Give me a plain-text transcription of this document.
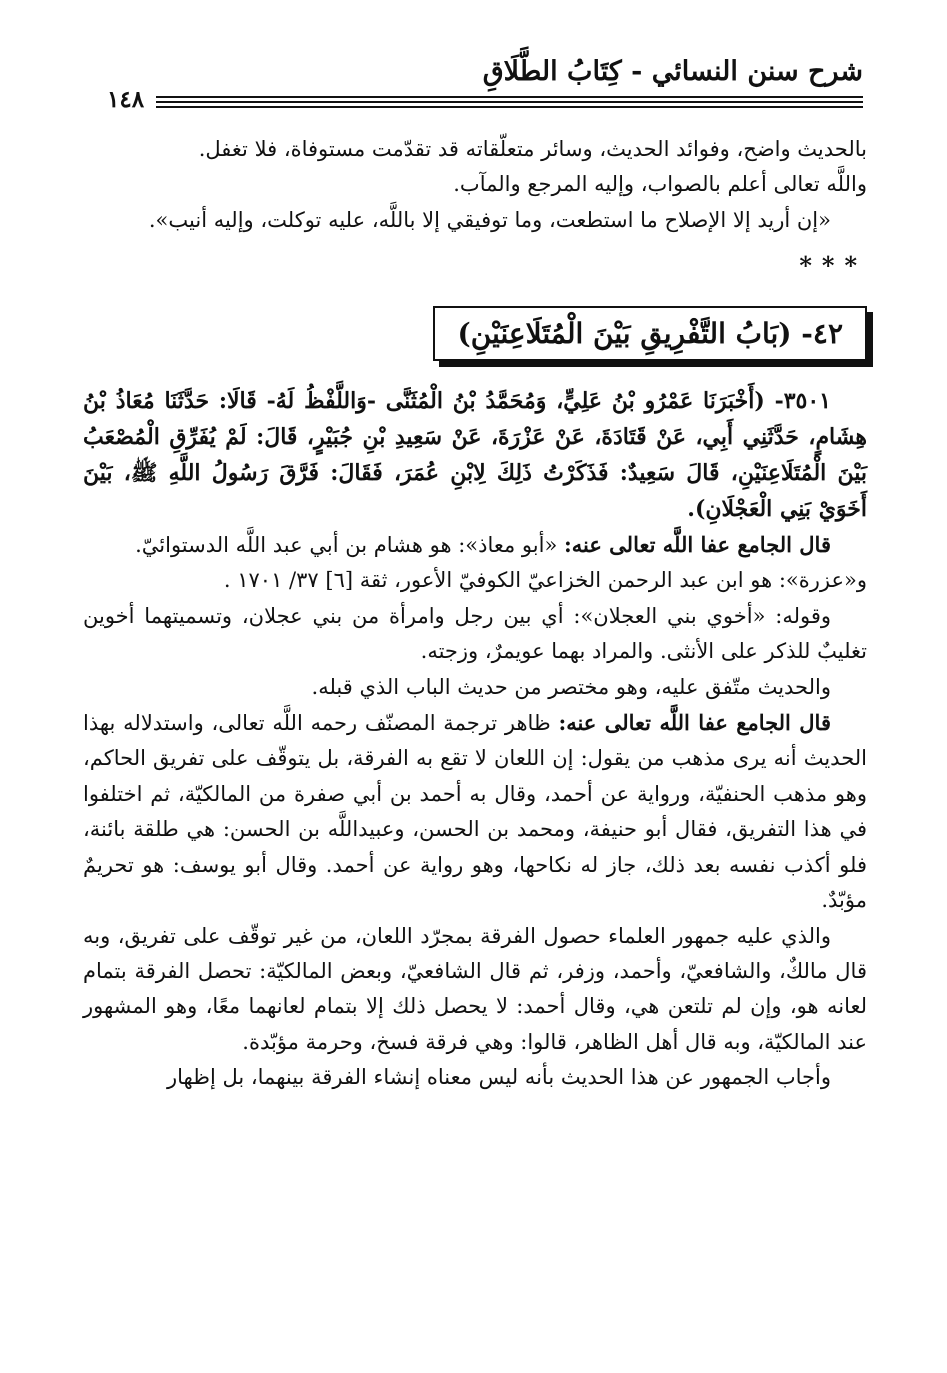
شرح سنن النسائي - كِتَابُ الطَّلَاقِ
١٤٨

بالحديث واضح، وفوائد الحديث، وسائر متعلّقاته قد تقدّمت مستوفاة، فلا تغفل.

واللَّه تعالى أعلم بالصواب، وإليه المرجع والمآب.

«إن أريد إلا الإصلاح ما استطعت، وما توفيقي إلا باللَّه، عليه توكلت، وإليه أنيب».

***
٤٢- (بَابُ التَّفْرِيقِ بَيْنَ الْمُتَلَاعِنَيْنِ)

٣٥٠١- (أَخْبَرَنَا عَمْرُو بْنُ عَلِيٍّ، وَمُحَمَّدُ بْنُ الْمُثَنَّى -وَاللَّفْظُ لَهُ- قَالَا: حَدَّثَنَا مُعَاذُ بْنُ هِشَامٍ، حَدَّثَنِي أَبِي، عَنْ قَتَادَةَ، عَنْ عَزْرَةَ، عَنْ سَعِيدِ بْنِ جُبَيْرٍ، قَالَ: لَمْ يُفَرِّقِ الْمُصْعَبُ بَيْنَ الْمُتَلَاعِنَيْنِ، قَالَ سَعِيدٌ: فَذَكَرْتُ ذَلِكَ لِابْنِ عُمَرَ، فَقَالَ: فَرَّقَ رَسُولُ اللَّهِ ﷺ، بَيْنَ أَخَوَيْ بَنِي الْعَجْلَانِ).

قال الجامع عفا اللَّه تعالى عنه: «أبو معاذ»: هو هشام بن أبي عبد اللَّه الدستوائيّ.

و«عزرة»: هو ابن عبد الرحمن الخزاعيّ الكوفيّ الأعور، ثقة [٦] ٣٧/ ١٧٠١ .

وقوله: «أخوي بني العجلان»: أي بين رجل وامرأة من بني عجلان، وتسميتهما أخوين تغليبٌ للذكر على الأنثى. والمراد بهما عويمرٌ، وزجته.

والحديث متّفق عليه، وهو مختصر من حديث الباب الذي قبله.

قال الجامع عفا اللَّه تعالى عنه: ظاهر ترجمة المصنّف رحمه اللَّه تعالى، واستدلاله بهذا الحديث أنه يرى مذهب من يقول: إن اللعان لا تقع به الفرقة، بل يتوقّف على تفريق الحاكم، وهو مذهب الحنفيّة، ورواية عن أحمد، وقال به أحمد بن أبي صفرة من المالكيّة، ثم اختلفوا في هذا التفريق، فقال أبو حنيفة، ومحمد بن الحسن، وعبيداللَّه بن الحسن: هي طلقة بائنة، فلو أكذب نفسه بعد ذلك، جاز له نكاحها، وهو رواية عن أحمد. وقال أبو يوسف: هو تحريمٌ مؤبّدٌ.

والذي عليه جمهور العلماء حصول الفرقة بمجرّد اللعان، من غير توقّف على تفريق، وبه قال مالكٌ، والشافعيّ، وأحمد، وزفر، ثم قال الشافعيّ، وبعض المالكيّة: تحصل الفرقة بتمام لعانه هو، وإن لم تلتعن هي، وقال أحمد: لا يحصل ذلك إلا بتمام لعانهما معًا، وهو المشهور عند المالكيّة، وبه قال أهل الظاهر، قالوا: وهي فرقة فسخ، وحرمة مؤبّدة.

وأجاب الجمهور عن هذا الحديث بأنه ليس معناه إنشاء الفرقة بينهما، بل إظهار
